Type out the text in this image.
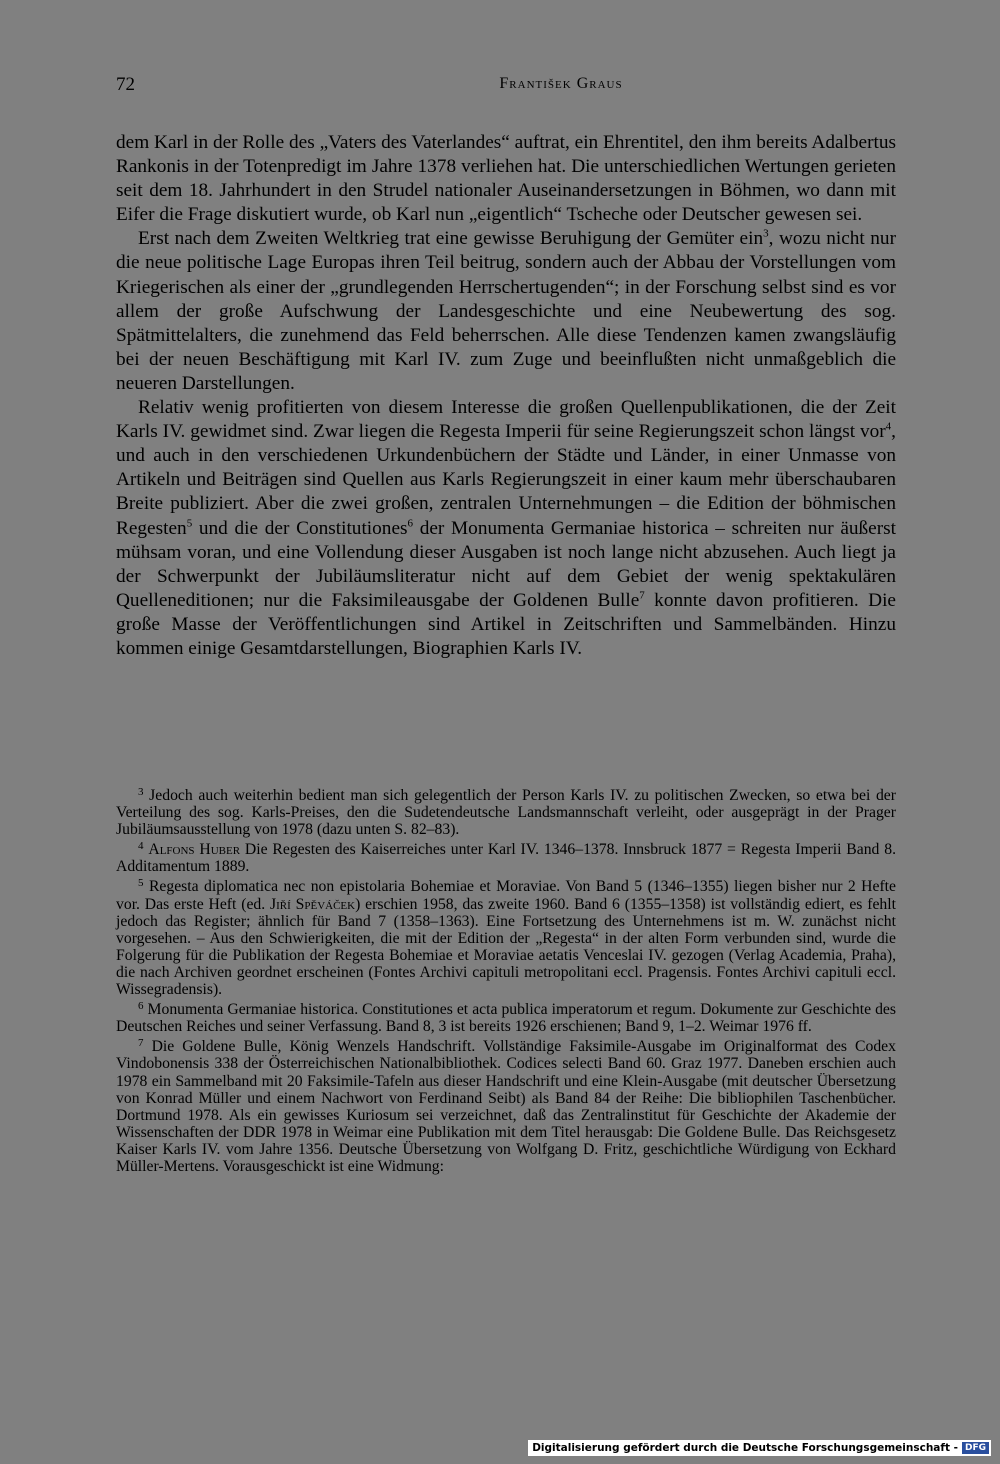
72	František Graus

dem Karl in der Rolle des „Vaters des Vaterlandes“ auftrat, ein Ehrentitel, den ihm bereits Adalbertus Rankonis in der Totenpredigt im Jahre 1378 verliehen hat. Die unterschiedlichen Wertungen gerieten seit dem 18. Jahrhundert in den Strudel nationaler Auseinandersetzungen in Böhmen, wo dann mit Eifer die Frage diskutiert wurde, ob Karl nun „eigentlich“ Tscheche oder Deutscher gewesen sei.

Erst nach dem Zweiten Weltkrieg trat eine gewisse Beruhigung der Gemüter ein$^3$, wozu nicht nur die neue politische Lage Europas ihren Teil beitrug, sondern auch der Abbau der Vorstellungen vom Kriegerischen als einer der „grundlegenden Herrschertugenden“; in der Forschung selbst sind es vor allem der große Aufschwung der Landesgeschichte und eine Neubewertung des sog. Spätmittelalters, die zunehmend das Feld beherrschen. Alle diese Tendenzen kamen zwangsläufig bei der neuen Beschäftigung mit Karl IV. zum Zuge und beeinflußten nicht unmaßgeblich die neueren Darstellungen.

Relativ wenig profitierten von diesem Interesse die großen Quellenpublikationen, die der Zeit Karls IV. gewidmet sind. Zwar liegen die Regesta Imperii für seine Regierungszeit schon längst vor$^4$, und auch in den verschiedenen Urkundenbüchern der Städte und Länder, in einer Unmasse von Artikeln und Beiträgen sind Quellen aus Karls Regierungszeit in einer kaum mehr überschaubaren Breite publiziert. Aber die zwei großen, zentralen Unternehmungen – die Edition der böhmischen Regesten$^5$ und die der Constitutiones$^6$ der Monumenta Germaniae historica – schreiten nur äußerst mühsam voran, und eine Vollendung dieser Ausgaben ist noch lange nicht abzusehen. Auch liegt ja der Schwerpunkt der Jubiläumsliteratur nicht auf dem Gebiet der wenig spektakulären Quelleneditionen; nur die Faksimileausgabe der Goldenen Bulle$^7$ konnte davon profitieren. Die große Masse der Veröffentlichungen sind Artikel in Zeitschriften und Sammelbänden. Hinzu kommen einige Gesamtdarstellungen, Biographien Karls IV.

$^3$ Jedoch auch weiterhin bedient man sich gelegentlich der Person Karls IV. zu politischen Zwecken, so etwa bei der Verteilung des sog. Karls-Preises, den die Sudetendeutsche Landsmannschaft verleiht, oder ausgeprägt in der Prager Jubiläumsausstellung von 1978 (dazu unten S. 82–83).

$^4$ Alfons Huber Die Regesten des Kaiserreiches unter Karl IV. 1346–1378. Innsbruck 1877 = Regesta Imperii Band 8. Additamentum 1889.

$^5$ Regesta diplomatica nec non epistolaria Bohemiae et Moraviae. Von Band 5 (1346–1355) liegen bisher nur 2 Hefte vor. Das erste Heft (ed. Jiří Spěváček) erschien 1958, das zweite 1960. Band 6 (1355–1358) ist vollständig ediert, es fehlt jedoch das Register; ähnlich für Band 7 (1358–1363). Eine Fortsetzung des Unternehmens ist m. W. zunächst nicht vorgesehen. – Aus den Schwierigkeiten, die mit der Edition der „Regesta“ in der alten Form verbunden sind, wurde die Folgerung für die Publikation der Regesta Bohemiae et Moraviae aetatis Venceslai IV. gezogen (Verlag Academia, Praha), die nach Archiven geordnet erscheinen (Fontes Archivi capituli metropolitani eccl. Pragensis. Fontes Archivi capituli eccl. Wissegradensis).

$^6$ Monumenta Germaniae historica. Constitutiones et acta publica imperatorum et regum. Dokumente zur Geschichte des Deutschen Reiches und seiner Verfassung. Band 8, 3 ist bereits 1926 erschienen; Band 9, 1–2. Weimar 1976 ff.

$^7$ Die Goldene Bulle, König Wenzels Handschrift. Vollständige Faksimile-Ausgabe im Originalformat des Codex Vindobonensis 338 der Österreichischen Nationalbibliothek. Codices selecti Band 60. Graz 1977. Daneben erschien auch 1978 ein Sammelband mit 20 Faksimile-Tafeln aus dieser Handschrift und eine Klein-Ausgabe (mit deutscher Übersetzung von Konrad Müller und einem Nachwort von Ferdinand Seibt) als Band 84 der Reihe: Die bibliophilen Taschenbücher. Dortmund 1978. Als ein gewisses Kuriosum sei verzeichnet, daß das Zentralinstitut für Geschichte der Akademie der Wissenschaften der DDR 1978 in Weimar eine Publikation mit dem Titel herausgab: Die Goldene Bulle. Das Reichsgesetz Kaiser Karls IV. vom Jahre 1356. Deutsche Übersetzung von Wolfgang D. Fritz, geschichtliche Würdigung von Eckhard Müller-Mertens. Vorausgeschickt ist eine Widmung:

Digitalisierung gefördert durch die Deutsche Forschungsgemeinschaft - DFG
